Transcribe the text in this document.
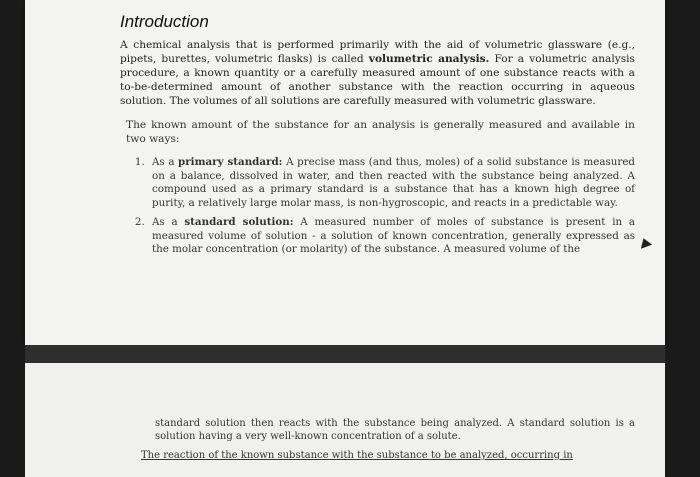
Introduction

A chemical analysis that is performed primarily with the aid of volumetric glassware (e.g., pipets, burettes, volumetric flasks) is called volumetric analysis. For a volumetric analysis procedure, a known quantity or a carefully measured amount of one substance reacts with a to-be-determined amount of another substance with the reaction occurring in aqueous solution. The volumes of all solutions are carefully measured with volumetric glassware.

The known amount of the substance for an analysis is generally measured and available in two ways:

1. As a primary standard: A precise mass (and thus, moles) of a solid substance is measured on a balance, dissolved in water, and then reacted with the substance being analyzed. A compound used as a primary standard is a substance that has a known high degree of purity, a relatively large molar mass, is non-hygroscopic, and reacts in a predictable way.
2. As a standard solution: A measured number of moles of substance is present in a measured volume of solution - a solution of known concentration, generally expressed as the molar concentration (or molarity) of the substance. A measured volume of the

standard solution then reacts with the substance being analyzed. A standard solution is a solution having a very well-known concentration of a solute.

The reaction of the known substance with the substance to be analyzed, occurring in
